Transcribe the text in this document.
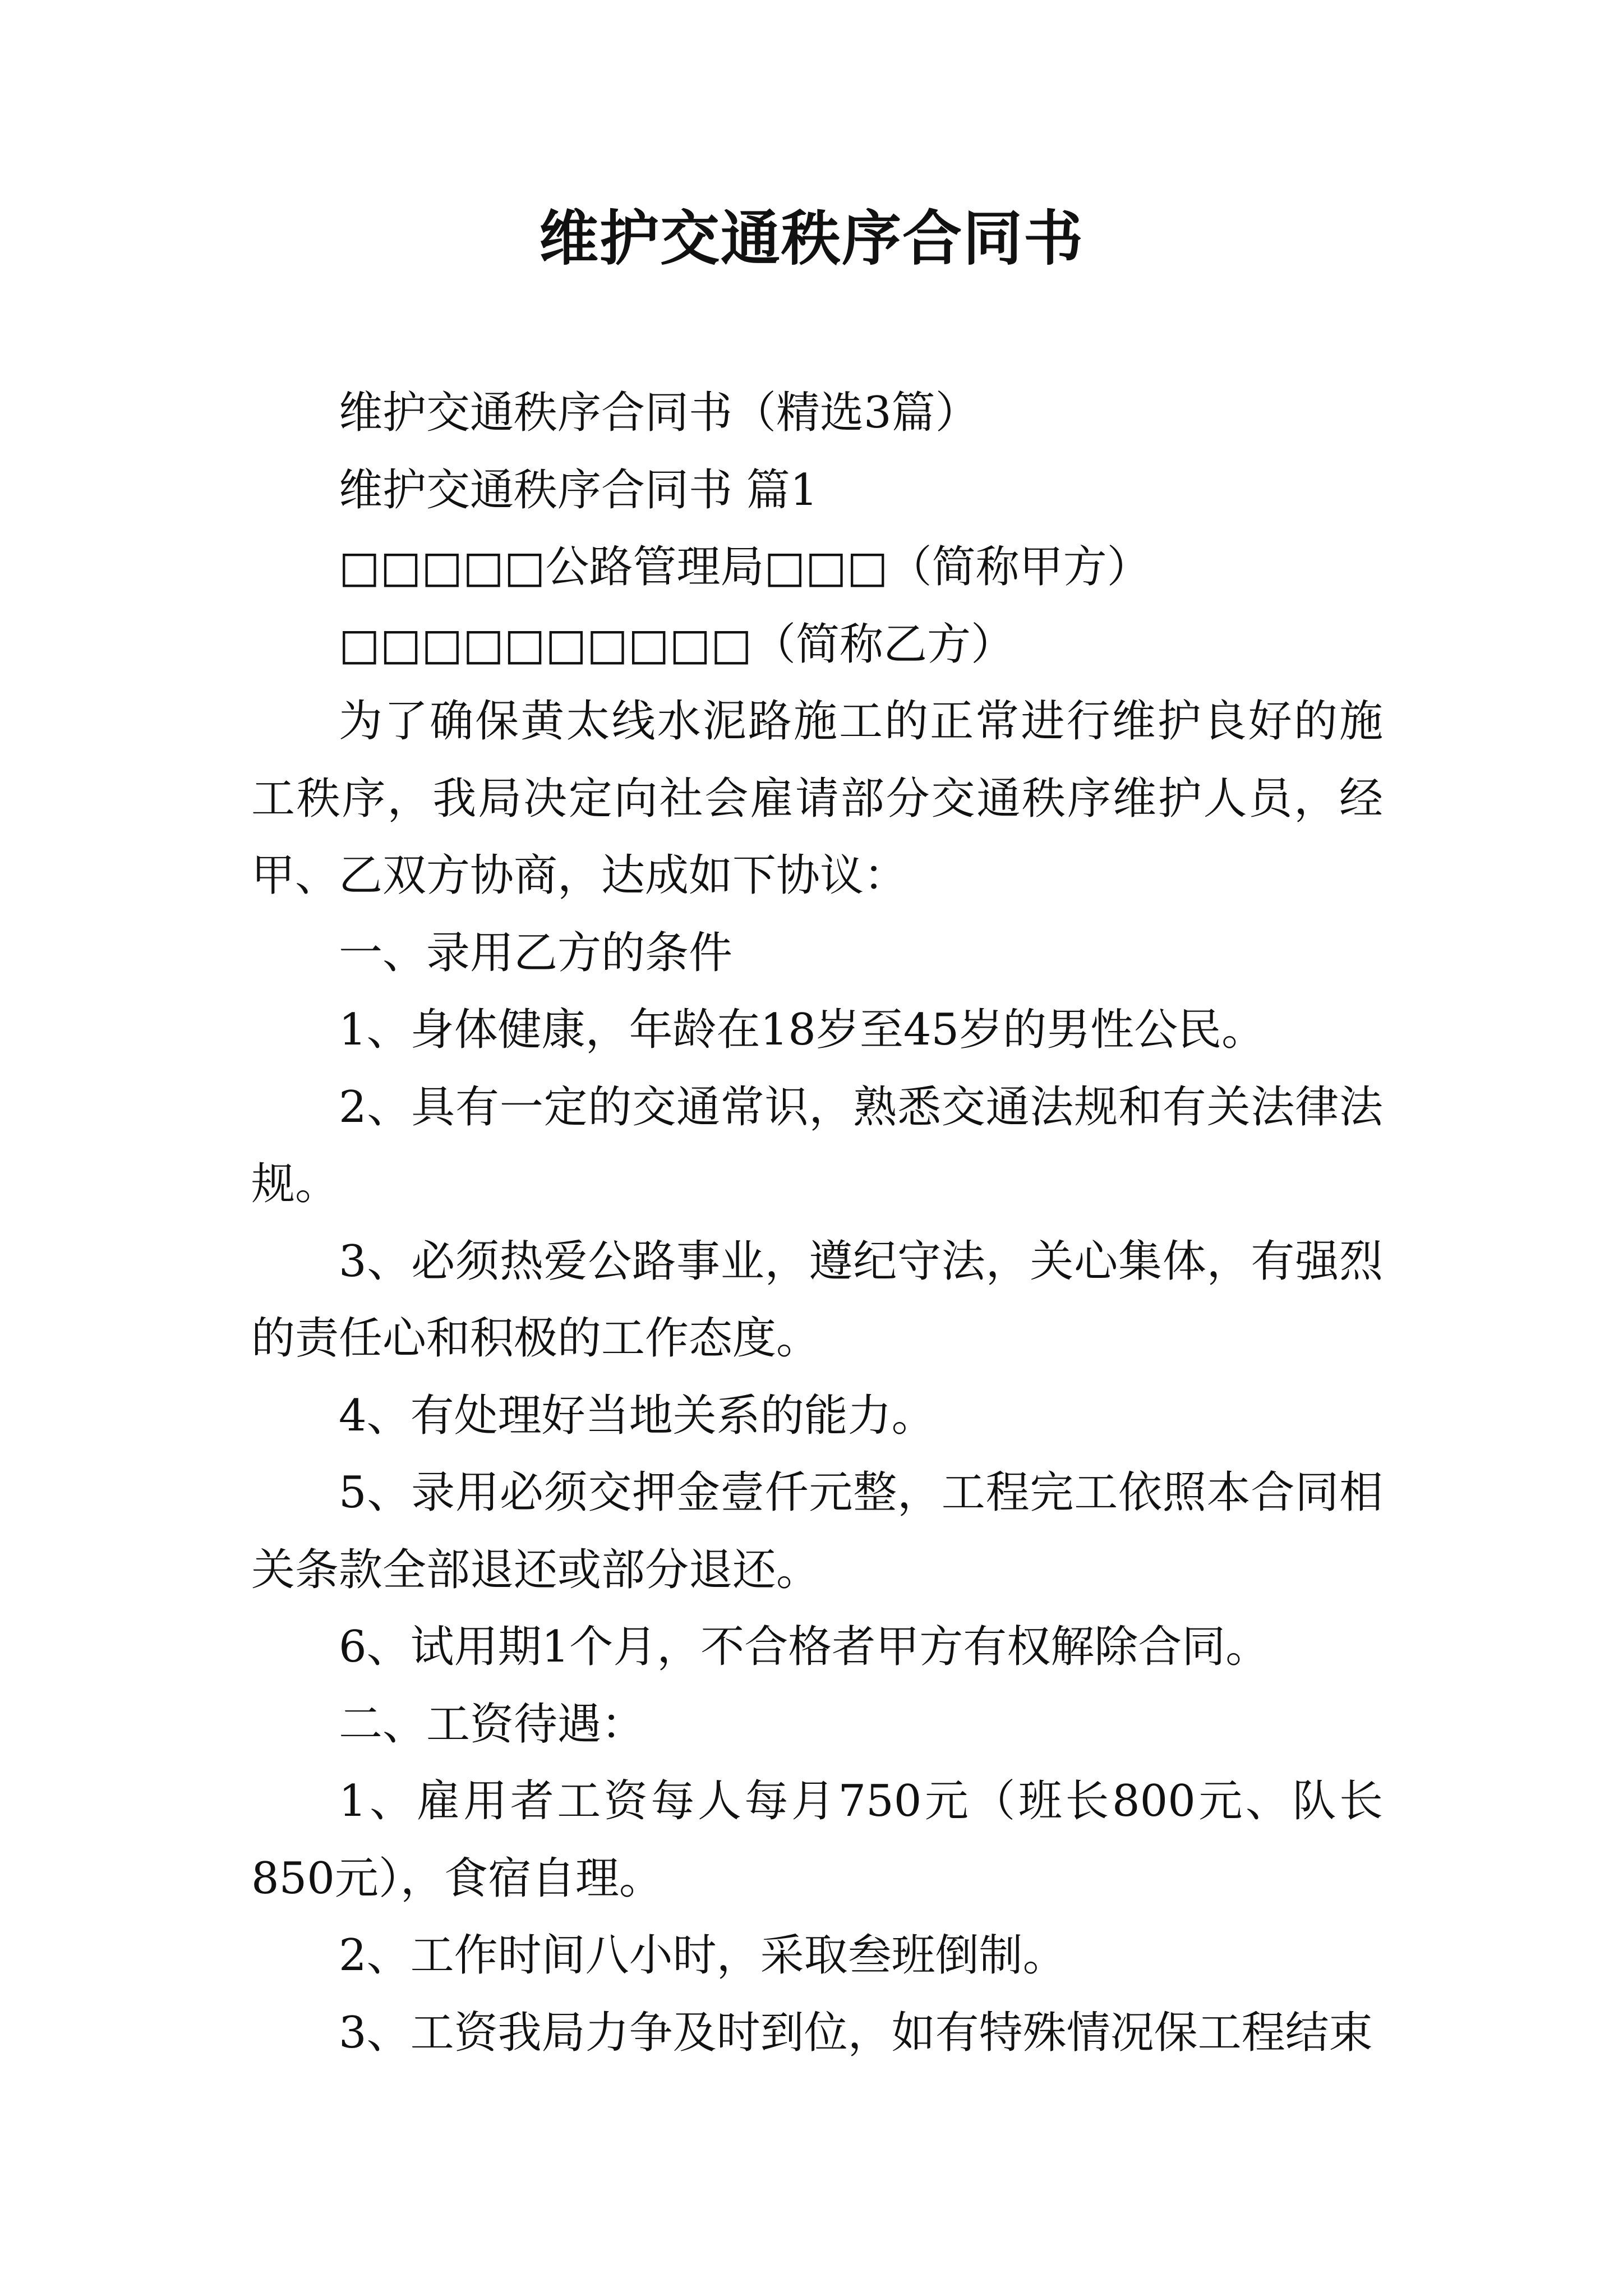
维护交通秩序合同书

维护交通秩序合同书（精选3篇）

维护交通秩序合同书 篇1

□□□□□公路管理局□□□（简称甲方）

□□□□□□□□□□（简称乙方）

为了确保黄太线水泥路施工的正常进行维护良好的施工秩序，我局决定向社会雇请部分交通秩序维护人员，经甲、乙双方协商，达成如下协议：

一、录用乙方的条件

1、身体健康，年龄在18岁至45岁的男性公民。

2、具有一定的交通常识，熟悉交通法规和有关法律法规。

3、必须热爱公路事业，遵纪守法，关心集体，有强烈的责任心和积极的工作态度。

4、有处理好当地关系的能力。

5、录用必须交押金壹仟元整，工程完工依照本合同相关条款全部退还或部分退还。

6、试用期1个月，不合格者甲方有权解除合同。

二、工资待遇：

1、雇用者工资每人每月750元（班长800元、队长850元），食宿自理。

2、工作时间八小时，采取叁班倒制。

3、工资我局力争及时到位，如有特殊情况保工程结束
